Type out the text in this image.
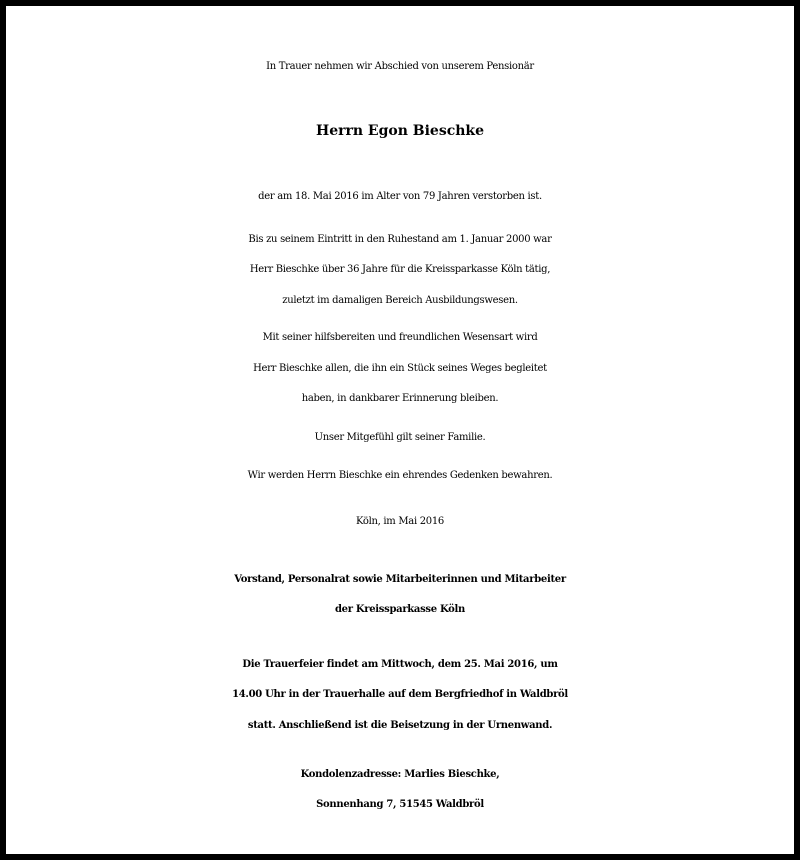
In Trauer nehmen wir Abschied von unserem Pensionär
Herrn Egon Bieschke
der am 18. Mai 2016 im Alter von 79 Jahren verstorben ist.
Bis zu seinem Eintritt in den Ruhestand am 1. Januar 2000 war
Herr Bieschke über 36 Jahre für die Kreissparkasse Köln tätig,
zuletzt im damaligen Bereich Ausbildungswesen.
Mit seiner hilfsbereiten und freundlichen Wesensart wird
Herr Bieschke allen, die ihn ein Stück seines Weges begleitet
haben, in dankbarer Erinnerung bleiben.
Unser Mitgefühl gilt seiner Familie.
Wir werden Herrn Bieschke ein ehrendes Gedenken bewahren.
Köln, im Mai 2016
Vorstand, Personalrat sowie Mitarbeiterinnen und Mitarbeiter
der Kreissparkasse Köln
Die Trauerfeier findet am Mittwoch, dem 25. Mai 2016, um
14.00 Uhr in der Trauerhalle auf dem Bergfriedhof in Waldbröl
statt. Anschließend ist die Beisetzung in der Urnenwand.
Kondolenzadresse: Marlies Bieschke,
Sonnenhang 7, 51545 Waldbröl
